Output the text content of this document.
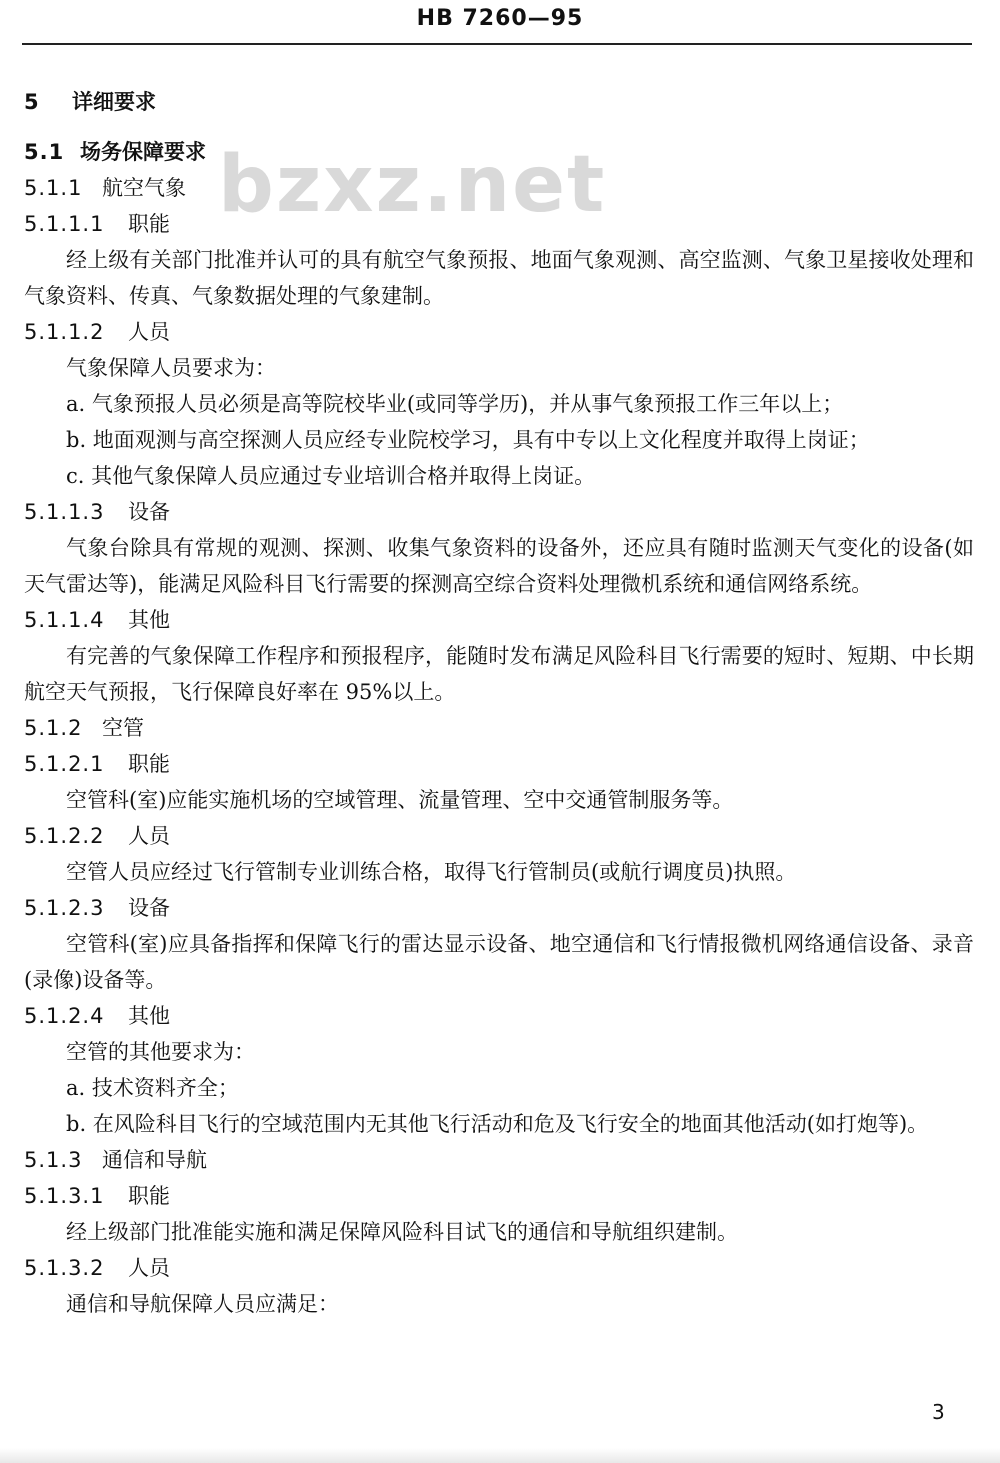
HB 7260—95
bzxz.net
5 详细要求
5.1 场务保障要求
5.1.1 航空气象
5.1.1.1 职能
经上级有关部门批准并认可的具有航空气象预报、地面气象观测、高空监测、气象卫星接收处理和气象资料、传真、气象数据处理的气象建制。
5.1.1.2 人员
气象保障人员要求为：
a. 气象预报人员必须是高等院校毕业(或同等学历)，并从事气象预报工作三年以上；
b. 地面观测与高空探测人员应经专业院校学习，具有中专以上文化程度并取得上岗证；
c. 其他气象保障人员应通过专业培训合格并取得上岗证。
5.1.1.3 设备
气象台除具有常规的观测、探测、收集气象资料的设备外，还应具有随时监测天气变化的设备(如天气雷达等)，能满足风险科目飞行需要的探测高空综合资料处理微机系统和通信网络系统。
5.1.1.4 其他
有完善的气象保障工作程序和预报程序，能随时发布满足风险科目飞行需要的短时、短期、中长期航空天气预报，飞行保障良好率在 95%以上。
5.1.2 空管
5.1.2.1 职能
空管科(室)应能实施机场的空域管理、流量管理、空中交通管制服务等。
5.1.2.2 人员
空管人员应经过飞行管制专业训练合格，取得飞行管制员(或航行调度员)执照。
5.1.2.3 设备
空管科(室)应具备指挥和保障飞行的雷达显示设备、地空通信和飞行情报微机网络通信设备、录音(录像)设备等。
5.1.2.4 其他
空管的其他要求为：
a. 技术资料齐全；
b. 在风险科目飞行的空域范围内无其他飞行活动和危及飞行安全的地面其他活动(如打炮等)。
5.1.3 通信和导航
5.1.3.1 职能
经上级部门批准能实施和满足保障风险科目试飞的通信和导航组织建制。
5.1.3.2 人员
通信和导航保障人员应满足：
3
